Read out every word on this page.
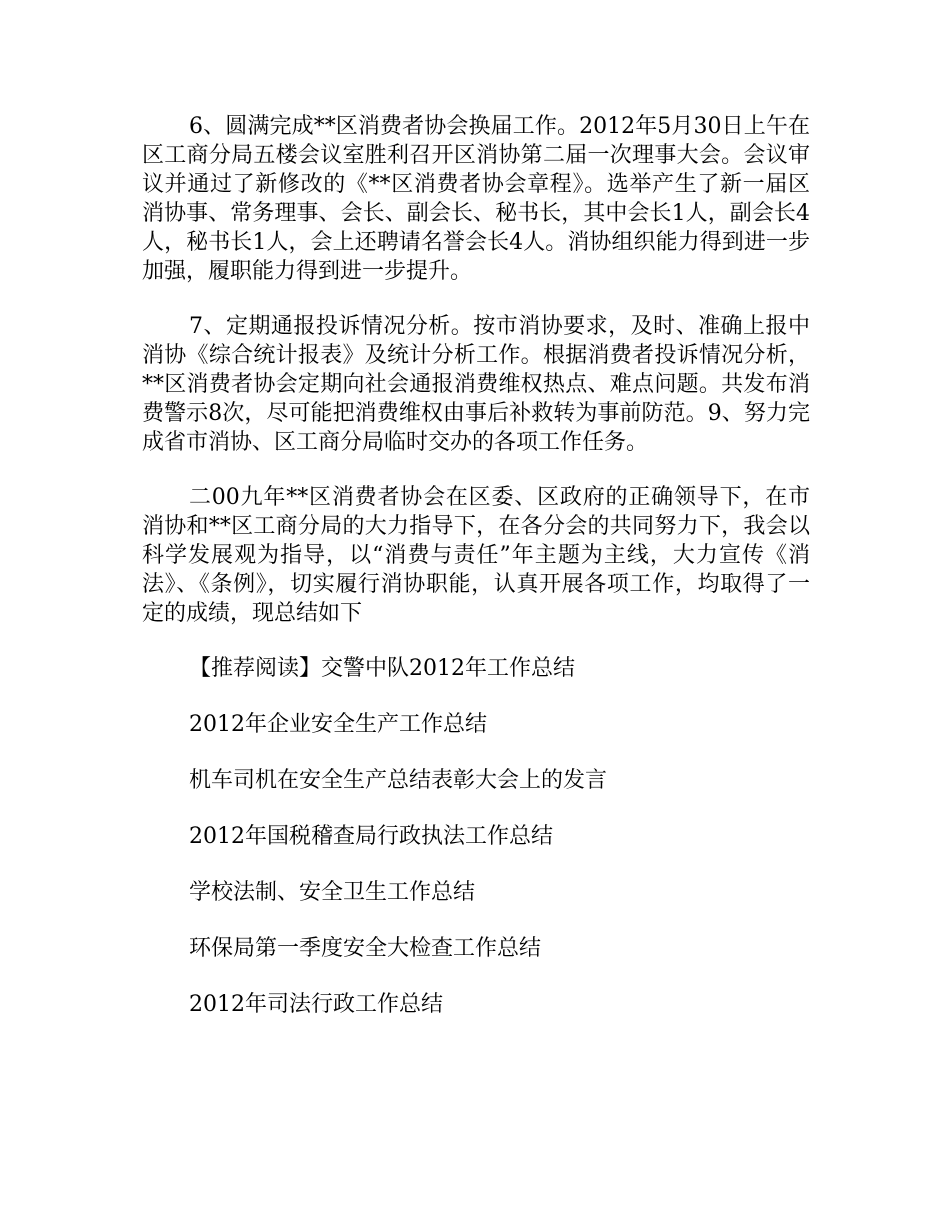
6、圆满完成**区消费者协会换届工作。2012年5月30日上午在区工商分局五楼会议室胜利召开区消协第二届一次理事大会。会议审议并通过了新修改的《**区消费者协会章程》。选举产生了新一届区消协事、常务理事、会长、副会长、秘书长，其中会长1人，副会长4人，秘书长1人，会上还聘请名誉会长4人。消协组织能力得到进一步加强，履职能力得到进一步提升。

7、定期通报投诉情况分析。按市消协要求，及时、准确上报中消协《综合统计报表》及统计分析工作。根据消费者投诉情况分析，**区消费者协会定期向社会通报消费维权热点、难点问题。共发布消费警示8次，尽可能把消费维权由事后补救转为事前防范。9、努力完成省市消协、区工商分局临时交办的各项工作任务。

二00九年**区消费者协会在区委、区政府的正确领导下，在市消协和**区工商分局的大力指导下，在各分会的共同努力下，我会以科学发展观为指导，以“消费与责任”年主题为主线，大力宣传《消法》、《条例》，切实履行消协职能，认真开展各项工作，均取得了一定的成绩，现总结如下

【推荐阅读】交警中队2012年工作总结
2012年企业安全生产工作总结
机车司机在安全生产总结表彰大会上的发言
2012年国税稽查局行政执法工作总结
学校法制、安全卫生工作总结
环保局第一季度安全大检查工作总结
2012年司法行政工作总结
